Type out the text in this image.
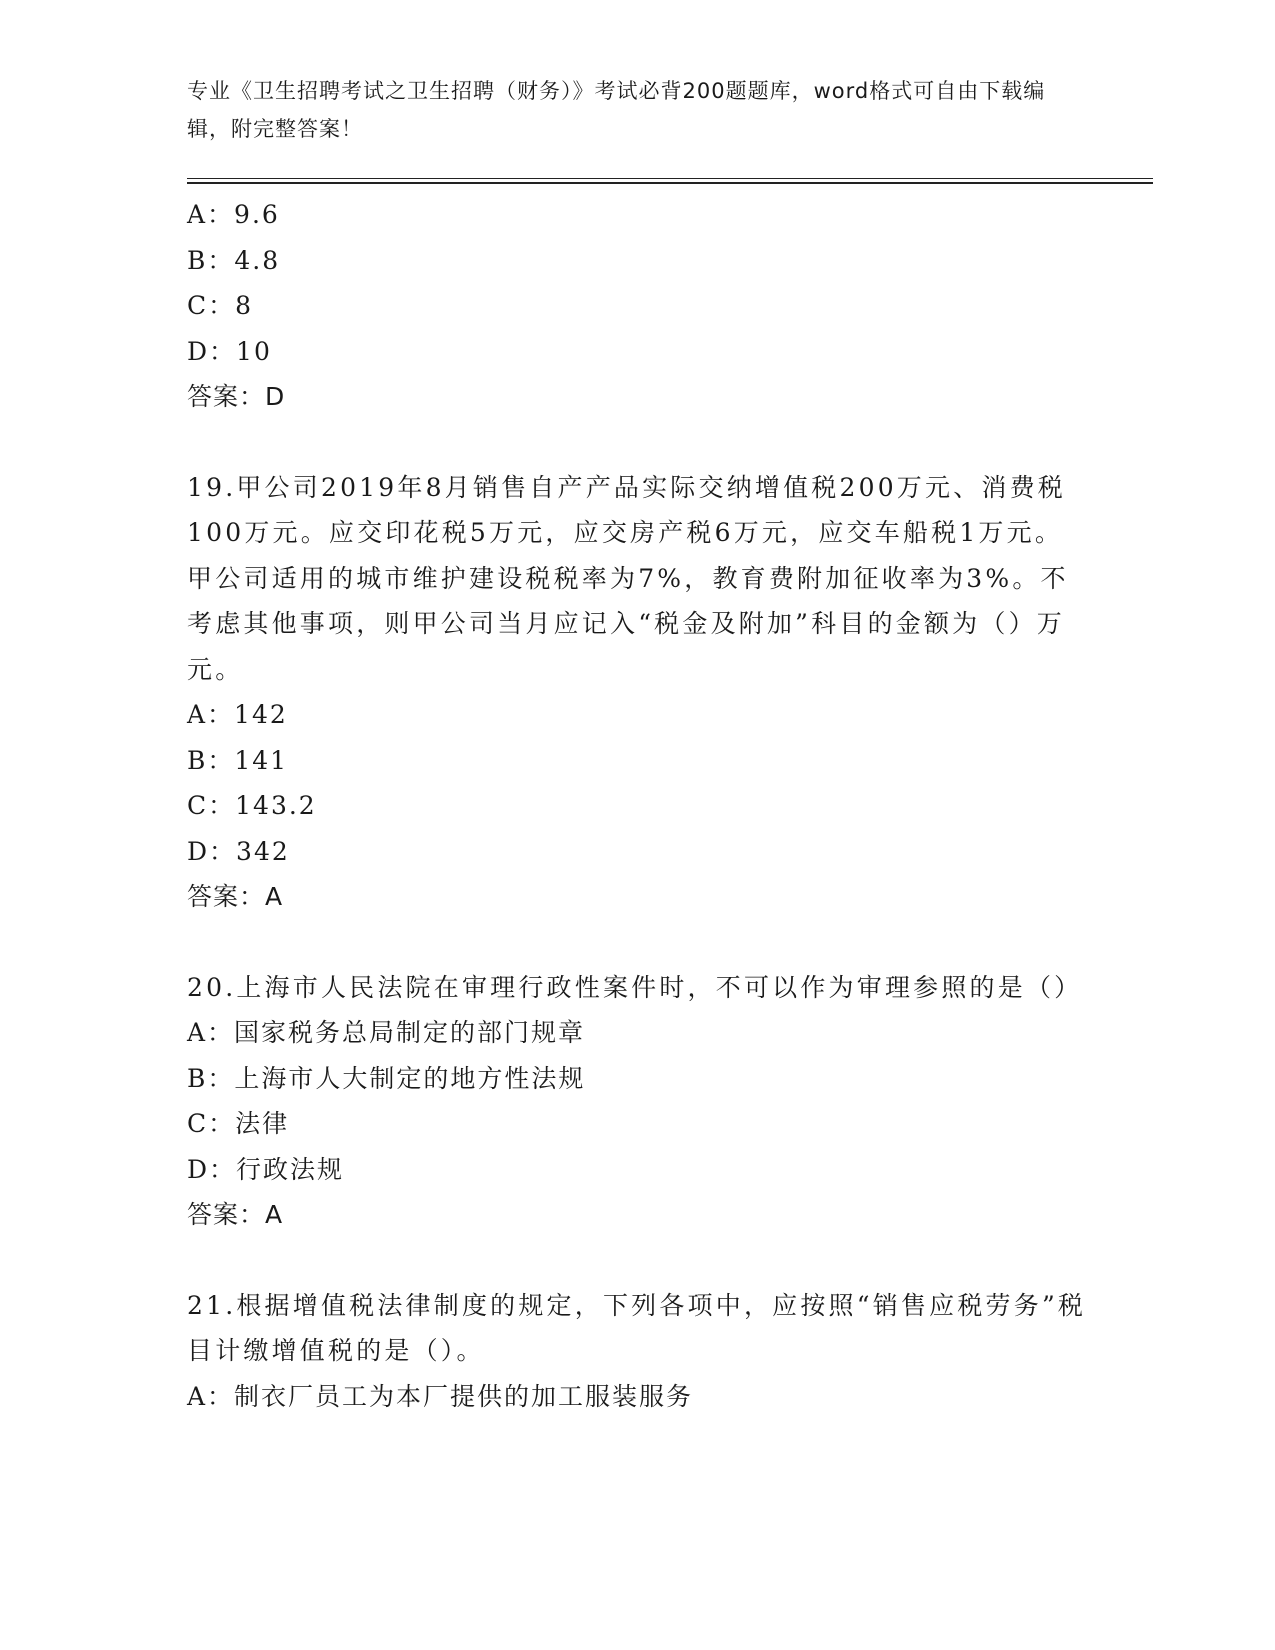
专业《卫生招聘考试之卫生招聘（财务）》考试必背200题题库，word格式可自由下载编辑，附完整答案！
A：9.6
B：4.8
C：8
D：10
答案：D
19.甲公司2019年8月销售自产产品实际交纳增值税200万元、消费税100万元。应交印花税5万元，应交房产税6万元，应交车船税1万元。甲公司适用的城市维护建设税税率为7%，教育费附加征收率为3%。不考虑其他事项，则甲公司当月应记入“税金及附加”科目的金额为（）万元。
A：142
B：141
C：143.2
D：342
答案：A
20.上海市人民法院在审理行政性案件时，不可以作为审理参照的是（）
A：国家税务总局制定的部门规章
B：上海市人大制定的地方性法规
C：法律
D：行政法规
答案：A
21.根据增值税法律制度的规定，下列各项中，应按照“销售应税劳务”税目计缴增值税的是（）。
A：制衣厂员工为本厂提供的加工服装服务
